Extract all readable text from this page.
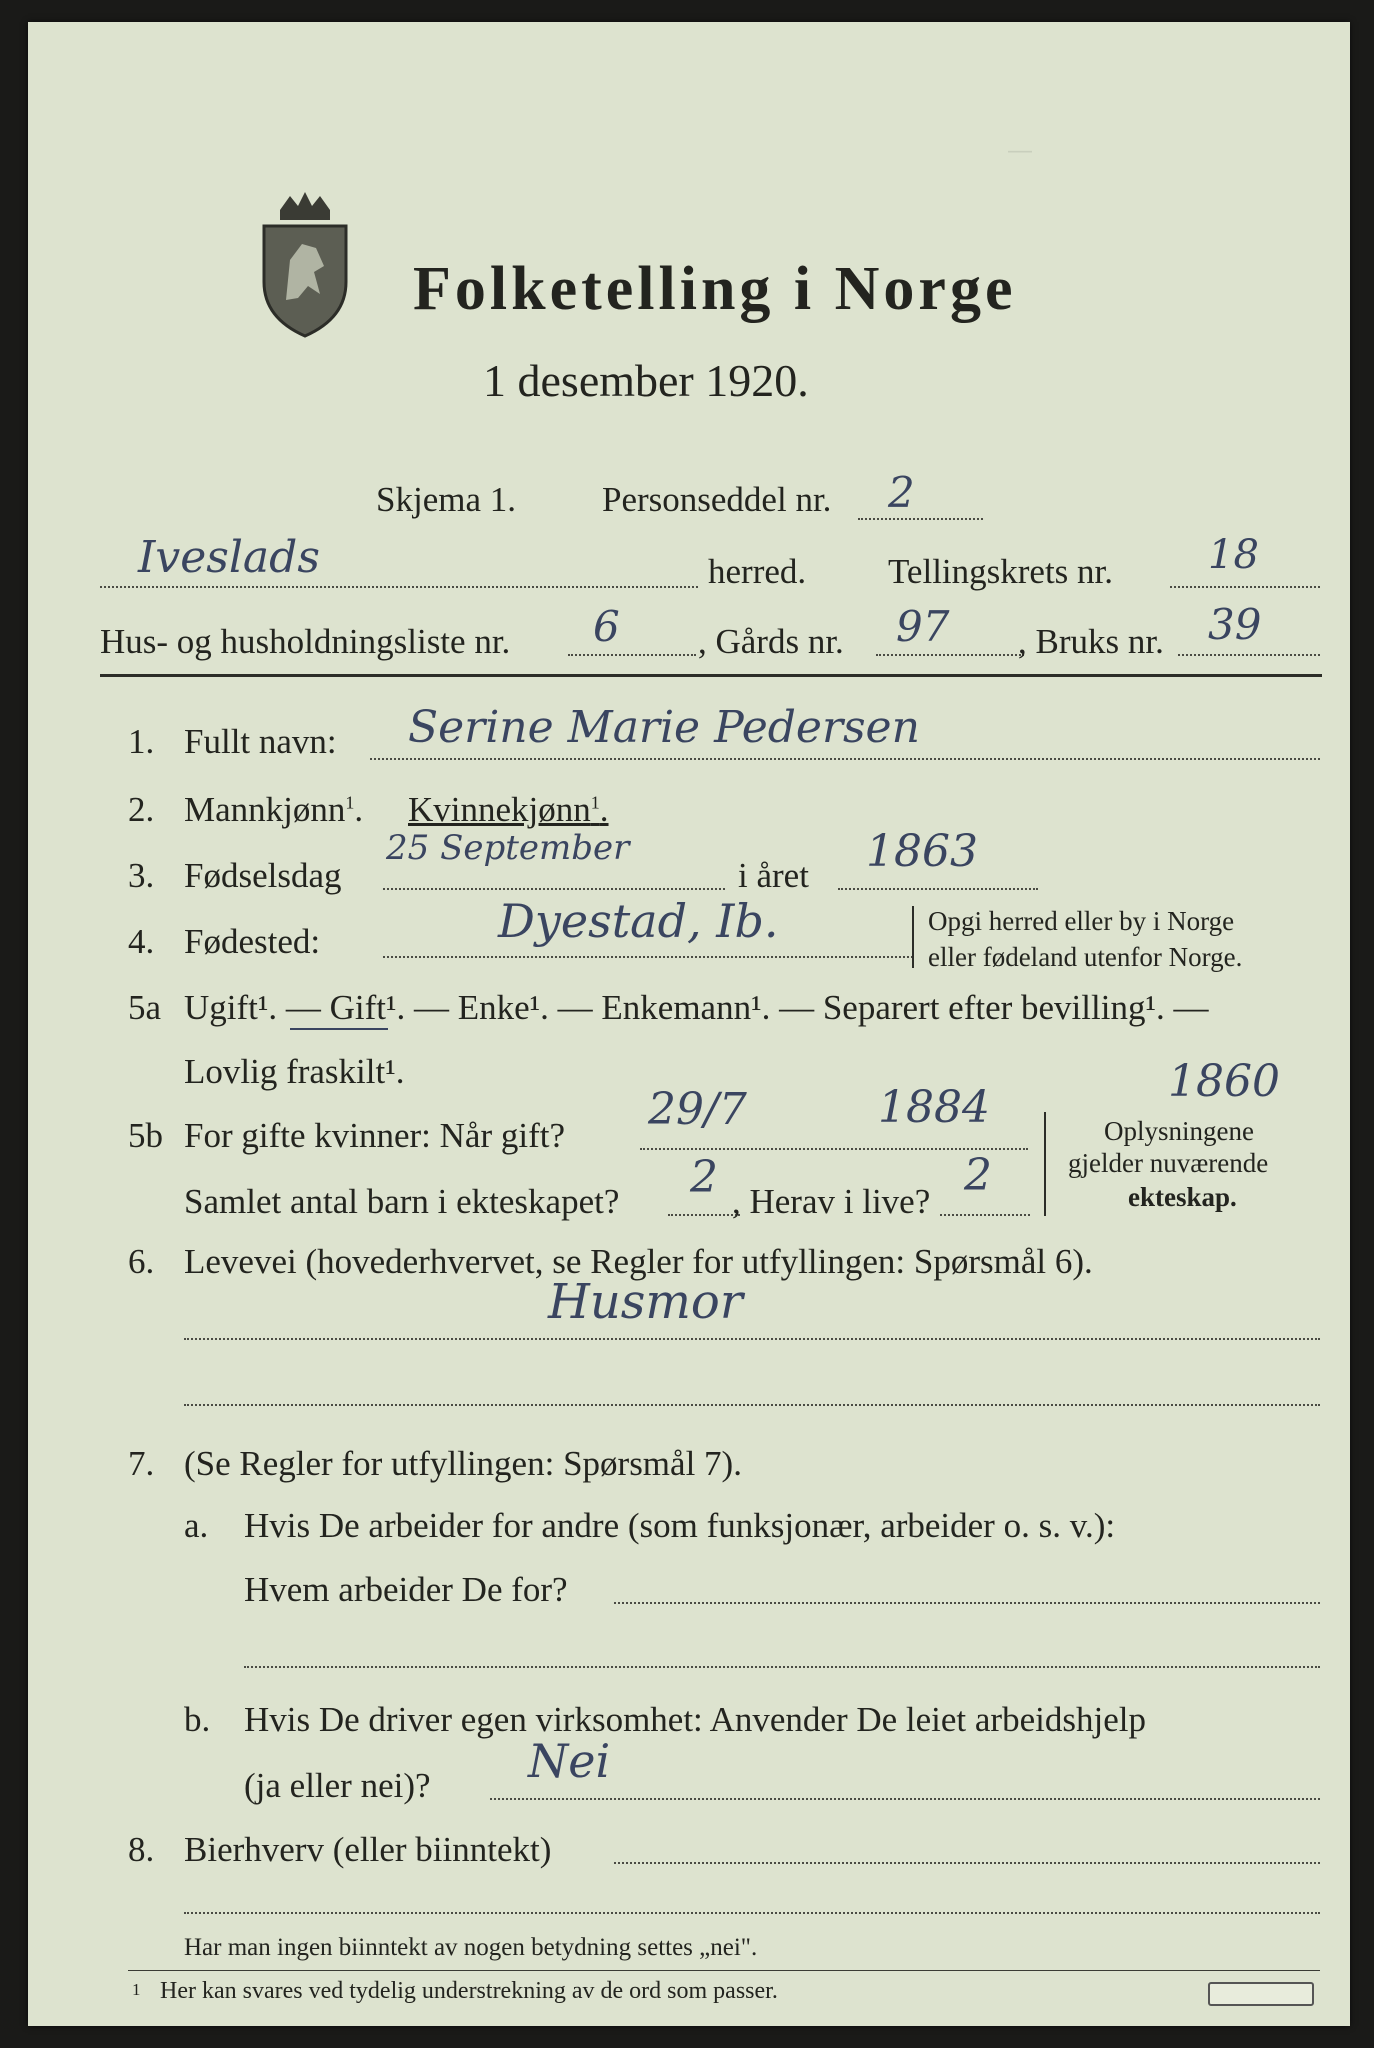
—
Folketelling i Norge
1 desember 1920.
Skjema 1. Personseddel nr. 2
Iveslads	herred. Tellingskrets nr. 18
Hus- og husholdningsliste nr. 6 , Gårds nr. 97 , Bruks nr. 39
1. Fullt navn: Serine Marie Pedersen
2. Mannkjønn$^1$. Kvinnekjønn$^1$.
3. Fødselsdag
25 September
i året 1863
4. Fødested:	Dyestad, Ib.	Opgi herred eller by i Norge
eller fødeland utenfor Norge.
5a Ugift¹. — Gift¹. — Enke¹. — Enkemann¹. — Separert efter bevilling¹. —
Lovlig fraskilt¹.
5b For gifte kvinner: Når gift?
29/7	1884
1860
Samlet antal barn i ekteskapet? 2 , Herav i live?
2
Oplysningene
gjelder nuværende
ekteskap.
6. Levevei (hovederhvervet, se Regler for utfyllingen: Spørsmål 6).
Husmor
7. (Se Regler for utfyllingen: Spørsmål 7).
a. Hvis De arbeider for andre (som funksjonær, arbeider o. s. v.):
Hvem arbeider De for?
b. Hvis De driver egen virksomhet: Anvender De leiet arbeidshjelp
(ja eller nei)? Nei
8. Bierhverv (eller biinntekt)
Har man ingen biinntekt av nogen betydning settes „nei".
1 Her kan svares ved tydelig understrekning av de ord som passer.
